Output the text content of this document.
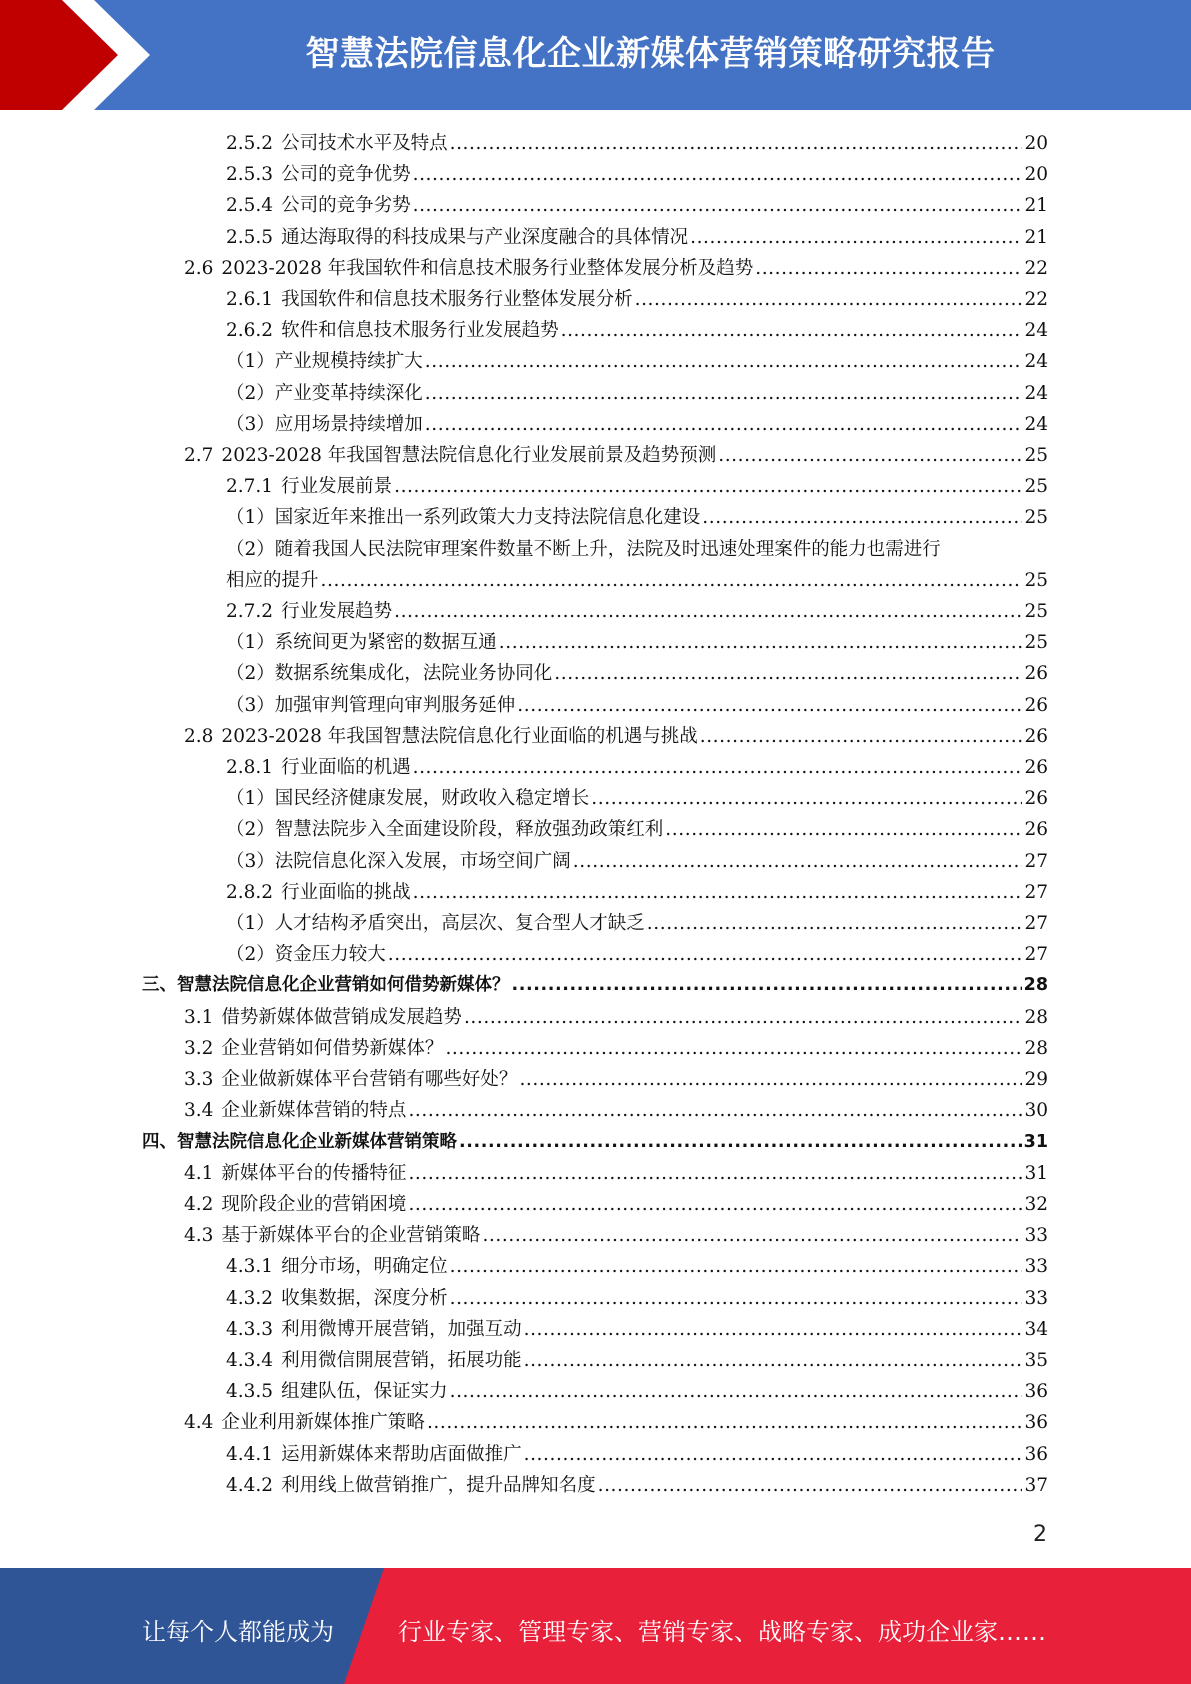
智慧法院信息化企业新媒体营销策略研究报告
2.5.2 公司技术水平及特点 .....	20
2.5.3 公司的竞争优势 .....	20
2.5.4 公司的竞争劣势 .....	21
2.5.5 通达海取得的科技成果与产业深度融合的具体情况 .....	21
2.6 2023-2028 年我国软件和信息技术服务行业整体发展分析及趋势 .....	22
2.6.1 我国软件和信息技术服务行业整体发展分析 .....	22
2.6.2 软件和信息技术服务行业发展趋势 .....	24
（1）产业规模持续扩大 .....	24
（2）产业变革持续深化 .....	24
（3）应用场景持续增加 .....	24
2.7 2023-2028 年我国智慧法院信息化行业发展前景及趋势预测 .....	25
2.7.1 行业发展前景 .....	25
（1）国家近年来推出一系列政策大力支持法院信息化建设 .....	25
（2）随着我国人民法院审理案件数量不断上升，法院及时迅速处理案件的能力也需进行
相应的提升 .....	25
2.7.2 行业发展趋势 .....	25
（1）系统间更为紧密的数据互通 .....	25
（2）数据系统集成化，法院业务协同化 .....	26
（3）加强审判管理向审判服务延伸 .....	26
2.8 2023-2028 年我国智慧法院信息化行业面临的机遇与挑战 .....	26
2.8.1 行业面临的机遇 .....	26
（1）国民经济健康发展，财政收入稳定增长 .....	26
（2）智慧法院步入全面建设阶段，释放强劲政策红利 .....	26
（3）法院信息化深入发展，市场空间广阔 .....	27
2.8.2 行业面临的挑战 .....	27
（1）人才结构矛盾突出，高层次、复合型人才缺乏 .....	27
（2）资金压力较大 .....	27
三、智慧法院信息化企业营销如何借势新媒体？ .....	28
3.1 借势新媒体做营销成发展趋势 .....	28
3.2 企业营销如何借势新媒体？ .....	28
3.3 企业做新媒体平台营销有哪些好处？ .....	29
3.4 企业新媒体营销的特点 .....	30
四、智慧法院信息化企业新媒体营销策略 .....	31
4.1 新媒体平台的传播特征 .....	31
4.2 现阶段企业的营销困境 .....	32
4.3 基于新媒体平台的企业营销策略 .....	33
4.3.1 细分市场，明确定位 .....	33
4.3.2 收集数据，深度分析 .....	33
4.3.3 利用微博开展营销，加强互动 .....	34
4.3.4 利用微信開展营销，拓展功能 .....	35
4.3.5 组建队伍，保证实力 .....	36
4.4 企业利用新媒体推广策略 .....	36
4.4.1 运用新媒体来帮助店面做推广 .....	36
4.4.2 利用线上做营销推广，提升品牌知名度 .....	37
2
让每个人都能成为	行业专家、管理专家、营销专家、战略专家、成功企业家……
